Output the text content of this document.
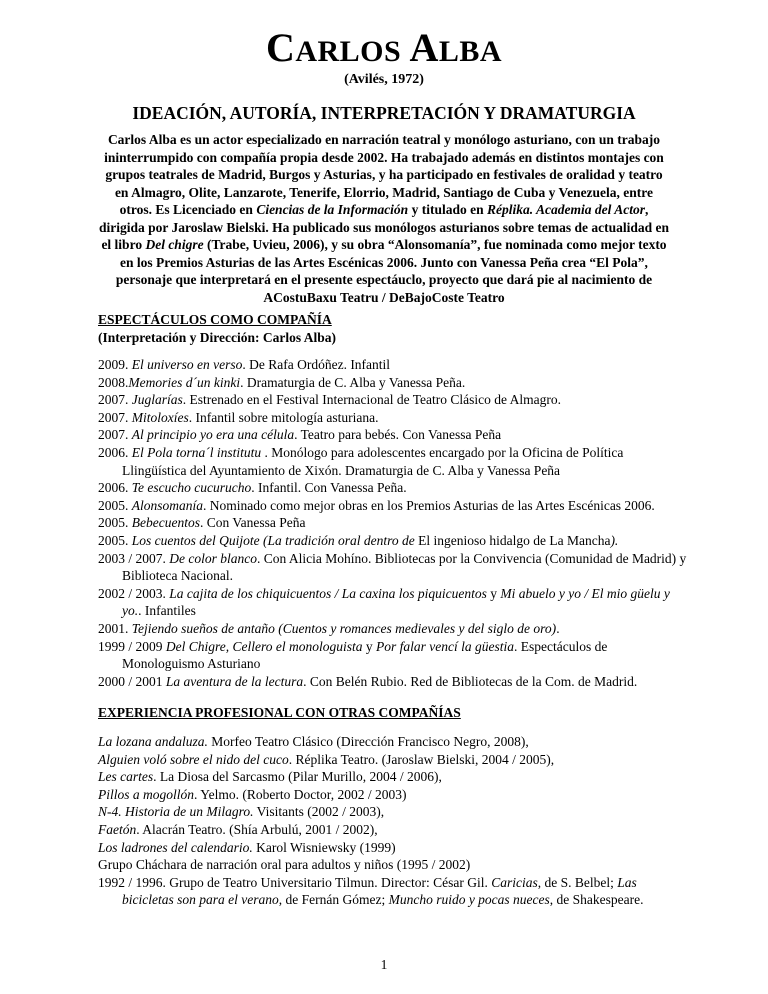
CARLOS ALBA
(Avilés, 1972)
IDEACIÓN, AUTORÍA, INTERPRETACIÓN Y DRAMATURGIA
Carlos Alba es un actor especializado en narración teatral y monólogo asturiano, con un trabajo ininterrumpido con compañía propia desde 2002. Ha trabajado además en distintos montajes con grupos teatrales de Madrid, Burgos y Asturias, y ha participado en festivales de oralidad y teatro en Almagro, Olite, Lanzarote, Tenerife, Elorrio, Madrid, Santiago de Cuba y Venezuela, entre otros. Es Licenciado en Ciencias de la Información y titulado en Réplika. Academia del Actor, dirigida por Jaroslaw Bielski. Ha publicado sus monólogos asturianos sobre temas de actualidad en el libro Del chigre (Trabe, Uvieu, 2006), y su obra “Alonsomanía”, fue nominada como mejor texto en los Premios Asturias de las Artes Escénicas 2006. Junto con Vanessa Peña crea “El Pola”, personaje que interpretará en el presente espectáuclo, proyecto que dará pie al nacimiento de ACostuBaxu Teatru / DeBajoCoste Teatro
ESPECTÁCULOS COMO COMPAÑÍA
(Interpretación y Dirección: Carlos Alba)
2009. El universo en verso. De Rafa Ordóñez. Infantil
2008.Memories d´un kinki. Dramaturgia de C. Alba y Vanessa Peña.
2007. Juglarías. Estrenado en el Festival Internacional de Teatro Clásico de Almagro.
2007. Mitoloxíes. Infantil sobre mitología asturiana.
2007. Al principio yo era una célula. Teatro para bebés. Con Vanessa Peña
2006. El Pola torna´l institutu . Monólogo para adolescentes encargado por la Oficina de Política Llingüística del Ayuntamiento de Xixón. Dramaturgia de C. Alba y Vanessa Peña
2006. Te escucho cucurucho. Infantil. Con Vanessa Peña.
2005. Alonsomanía. Nominado como mejor obras en los Premios Asturias de las Artes Escénicas 2006.
2005. Bebecuentos. Con Vanessa Peña
2005. Los cuentos del Quijote (La tradición oral dentro de El ingenioso hidalgo de La Mancha).
2003 / 2007. De color blanco. Con Alicia Mohíno. Bibliotecas por la Convivencia (Comunidad de Madrid) y Biblioteca Nacional.
2002 / 2003. La cajita de los chiquicuentos / La caxina los piquicuentos y Mi abuelo y yo / El mio güelu y yo.. Infantiles
2001. Tejiendo sueños de antaño (Cuentos y romances medievales y del siglo de oro).
1999 / 2009 Del Chigre, Cellero el monologuista y Por falar vencí la güestia. Espectáculos de Monologuismo Asturiano
2000 / 2001 La aventura de la lectura. Con Belén Rubio. Red de Bibliotecas de la Com. de Madrid.
EXPERIENCIA PROFESIONAL CON OTRAS COMPAÑÍAS
La lozana andaluza. Morfeo Teatro Clásico (Dirección Francisco Negro, 2008),
Alguien voló sobre el nido del cuco. Réplika Teatro. (Jaroslaw Bielski, 2004 / 2005),
Les cartes. La Diosa del Sarcasmo (Pilar Murillo, 2004 / 2006),
Pillos a mogollón. Yelmo. (Roberto Doctor, 2002 / 2003)
N-4. Historia de un Milagro. Visitants (2002 / 2003),
Faetón. Alacrán Teatro. (Shía Arbulú, 2001 / 2002),
Los ladrones del calendario. Karol Wisniewsky (1999)
Grupo Cháchara de narración oral para adultos y niños (1995 / 2002)
1992 / 1996. Grupo de Teatro Universitario Tilmun. Director: César Gil. Caricias, de S. Belbel; Las bicicletas son para el verano, de Fernán Gómez; Muncho ruido y pocas nueces, de Shakespeare.
1
